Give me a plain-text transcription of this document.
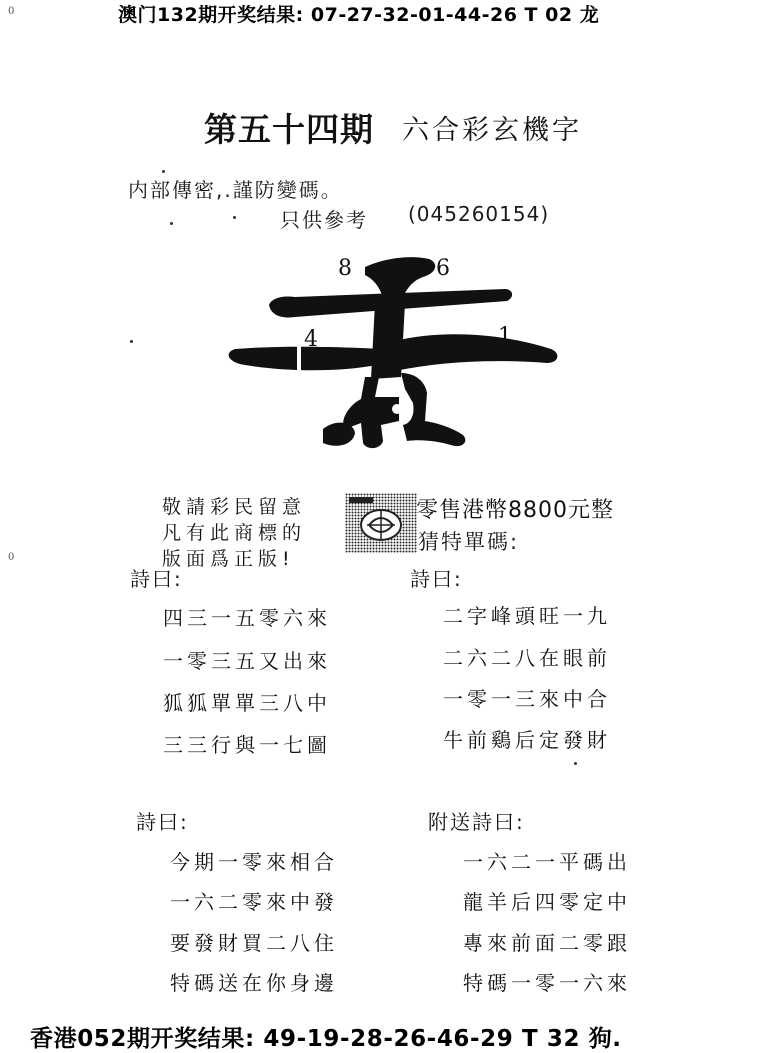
澳门132期开奖结果: 07-27-32-01-44-26 T 02 龙
香港052期开奖结果: 49-19-28-26-46-29 T 32 狗.
0
0
第五十四期 六合彩玄機字
内部傳密,.謹防變碼。
只供參考 (045260154)
8	6
4	1
敬請彩民留意
凡有此商標的
版面爲正版!
零售港幣8800元整
猜特單碼:
詩曰:
四三一五零六來
一零三五又出來
狐狐單單三八中
三三行與一七圖
詩曰:
二字峰頭旺一九
二六二八在眼前
一零一三來中合
牛前鷄后定發財
詩曰:
今期一零來相合
一六二零來中發
要發財買二八住
特碼送在你身邊
附送詩曰:
一六二一平碼出
龍羊后四零定中
專來前面二零跟
特碼一零一六來
